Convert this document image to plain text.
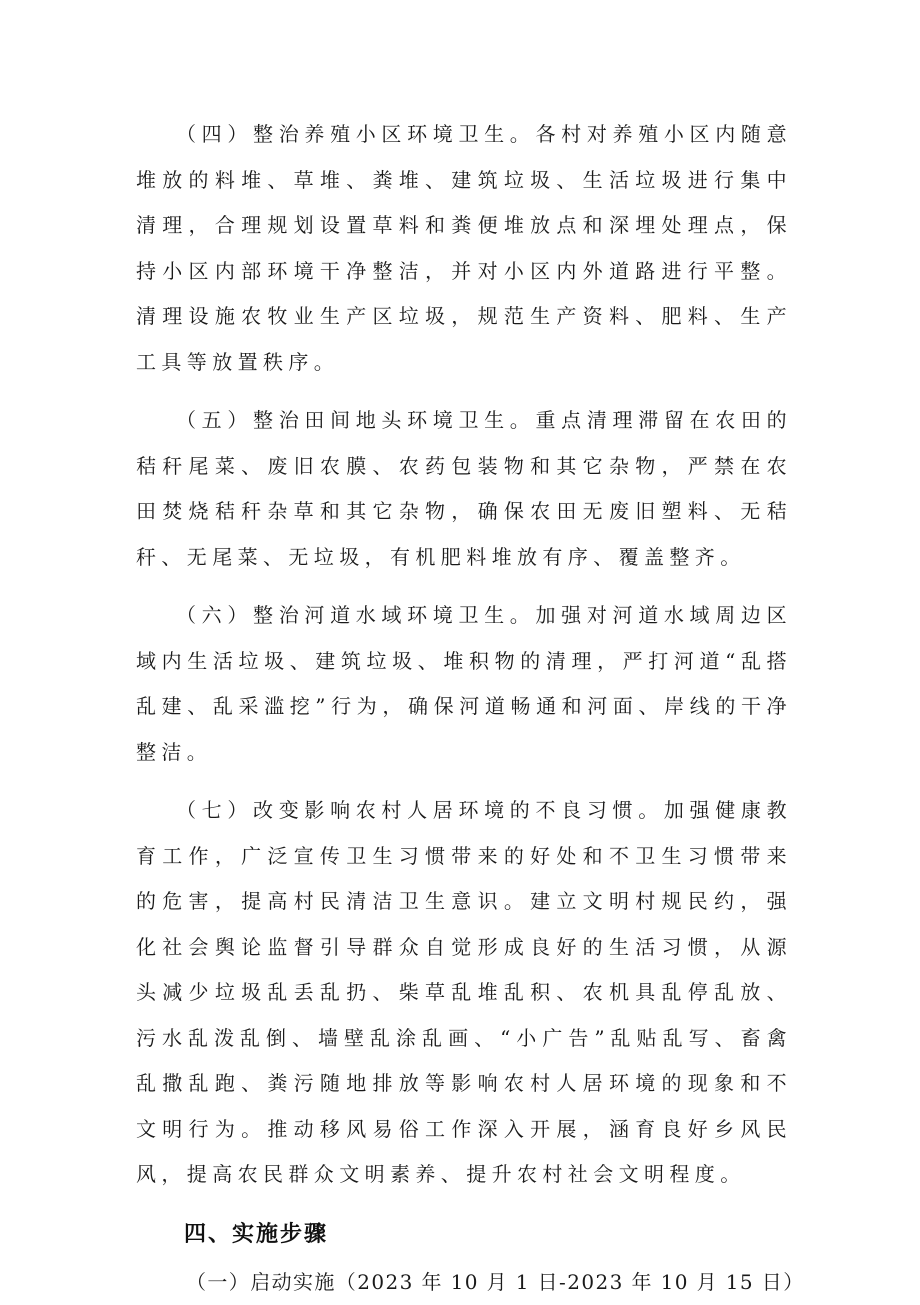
（四）整治养殖小区环境卫生。各村对养殖小区内随意堆放的料堆、草堆、粪堆、建筑垃圾、生活垃圾进行集中清理，合理规划设置草料和粪便堆放点和深埋处理点，保持小区内部环境干净整洁，并对小区内外道路进行平整。清理设施农牧业生产区垃圾，规范生产资料、肥料、生产工具等放置秩序。

（五）整治田间地头环境卫生。重点清理滞留在农田的秸秆尾菜、废旧农膜、农药包装物和其它杂物，严禁在农田焚烧秸秆杂草和其它杂物，确保农田无废旧塑料、无秸秆、无尾菜、无垃圾，有机肥料堆放有序、覆盖整齐。

（六）整治河道水域环境卫生。加强对河道水域周边区域内生活垃圾、建筑垃圾、堆积物的清理，严打河道“乱搭乱建、乱采滥挖”行为，确保河道畅通和河面、岸线的干净整洁。

（七）改变影响农村人居环境的不良习惯。加强健康教育工作，广泛宣传卫生习惯带来的好处和不卫生习惯带来的危害，提高村民清洁卫生意识。建立文明村规民约，强化社会舆论监督引导群众自觉形成良好的生活习惯，从源头减少垃圾乱丢乱扔、柴草乱堆乱积、农机具乱停乱放、污水乱泼乱倒、墙壁乱涂乱画、“小广告”乱贴乱写、畜禽乱撒乱跑、粪污随地排放等影响农村人居环境的现象和不文明行为。推动移风易俗工作深入开展，涵育良好乡风民风，提高农民群众文明素养、提升农村社会文明程度。

四、实施步骤
（一）启动实施（2023 年 10 月 1 日-2023 年 10 月 15 日）
